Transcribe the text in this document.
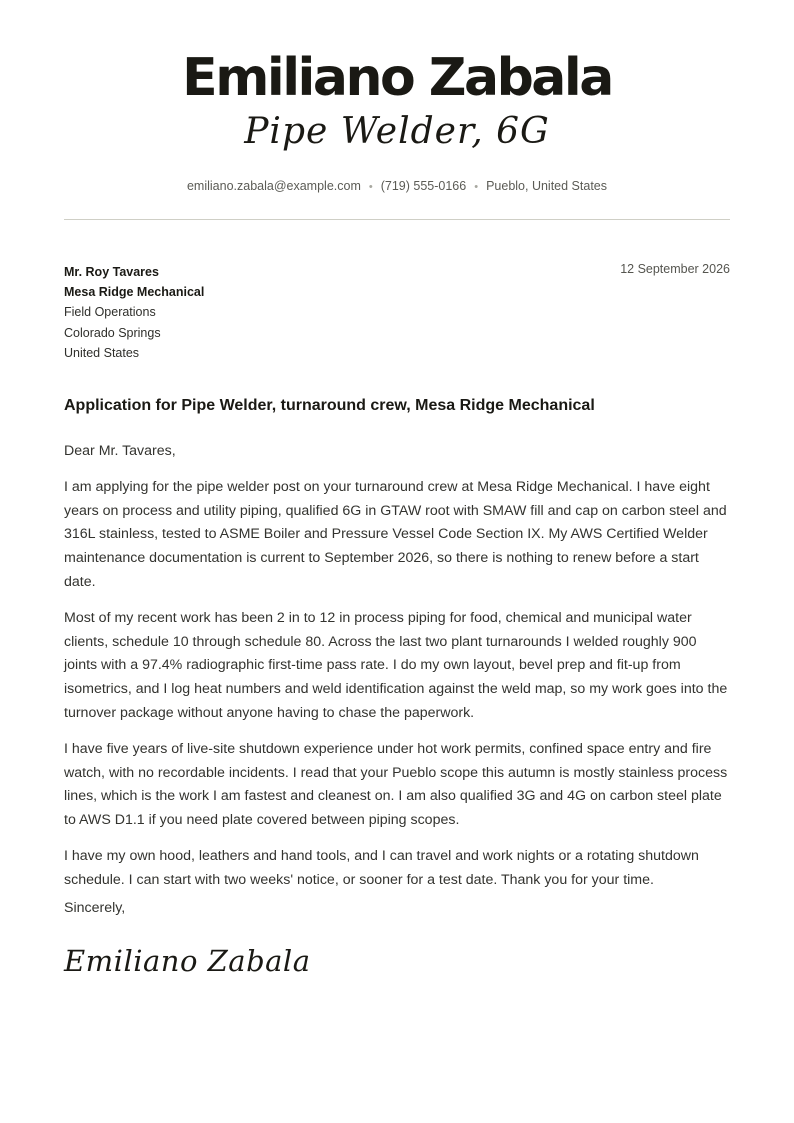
Emiliano Zabala
Pipe Welder, 6G
emiliano.zabala@example.com • (719) 555-0166 • Pueblo, United States
Mr. Roy Tavares
Mesa Ridge Mechanical
Field Operations
Colorado Springs
United States
12 September 2026
Application for Pipe Welder, turnaround crew, Mesa Ridge Mechanical

Dear Mr. Tavares,

I am applying for the pipe welder post on your turnaround crew at Mesa Ridge Mechanical. I have eight years on process and utility piping, qualified 6G in GTAW root with SMAW fill and cap on carbon steel and 316L stainless, tested to ASME Boiler and Pressure Vessel Code Section IX. My AWS Certified Welder maintenance documentation is current to September 2026, so there is nothing to renew before a start date.

Most of my recent work has been 2 in to 12 in process piping for food, chemical and municipal water clients, schedule 10 through schedule 80. Across the last two plant turnarounds I welded roughly 900 joints with a 97.4% radiographic first-time pass rate. I do my own layout, bevel prep and fit-up from isometrics, and I log heat numbers and weld identification against the weld map, so my work goes into the turnover package without anyone having to chase the paperwork.

I have five years of live-site shutdown experience under hot work permits, confined space entry and fire watch, with no recordable incidents. I read that your Pueblo scope this autumn is mostly stainless process lines, which is the work I am fastest and cleanest on. I am also qualified 3G and 4G on carbon steel plate to AWS D1.1 if you need plate covered between piping scopes.

I have my own hood, leathers and hand tools, and I can travel and work nights or a rotating shutdown schedule. I can start with two weeks' notice, or sooner for a test date. Thank you for your time.

Sincerely,
Emiliano Zabala
